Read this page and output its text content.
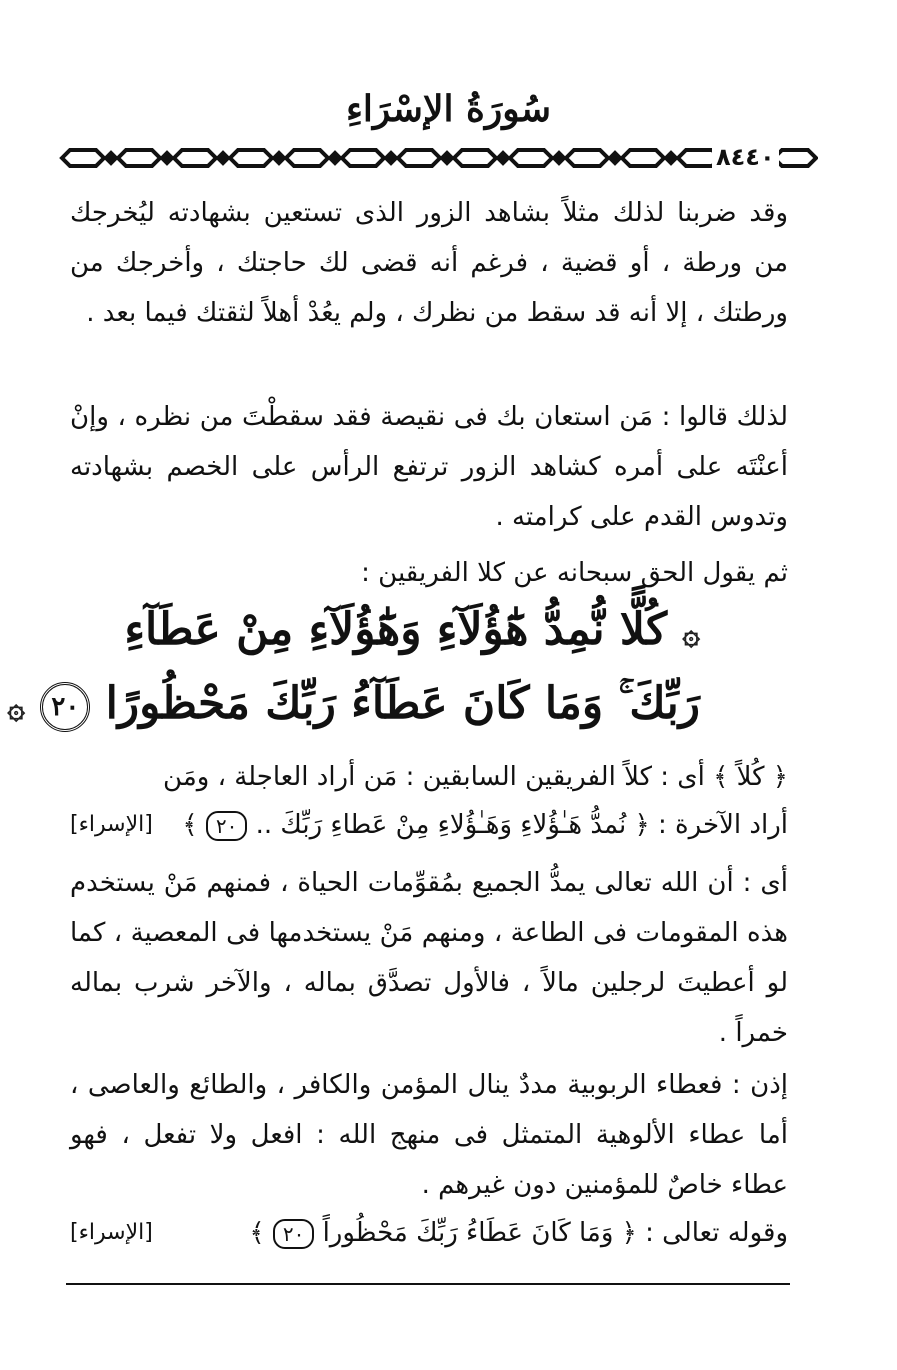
سُورَةُ الإسْرَاءِ
٨٤٤٠
وقد ضربنا لذلك مثلاً بشاهد الزور الذى تستعين بشهادته ليُخرجك من ورطة ، أو قضية ، فرغم أنه قضى لك حاجتك ، وأخرجك من ورطتك ، إلا أنه قد سقط من نظرك ، ولم يعُدْ أهلاً لثقتك فيما بعد .
لذلك قالوا : مَن استعان بك فى نقيصة فقد سقطْتَ من نظره ، وإنْ أعنْتَه على أمره كشاهد الزور ترتفع الرأس على الخصم بشهادته وتدوس القدم على كرامته .
ثم يقول الحق سبحانه عن كلا الفريقين :
۞ كُلًّا نُّمِدُّ هَٰٓؤُلَآءِ وَهَٰٓؤُلَآءِ مِنْ عَطَآءِ
رَبِّكَ ۚ وَمَا كَانَ عَطَآءُ رَبِّكَ مَحْظُورًا ٢٠ ۞
﴿ كُلاً ﴾ أى : كلاً الفريقين السابقين : مَن أراد العاجلة ، ومَن
أراد الآخرة : ﴿ نُمدُّ هَـٰؤُلاءِ وَهَـٰؤُلاءِ مِنْ عَطاءِ رَبِّكَ .. ٢٠ ﴾
[الإسراء]
أى : أن الله تعالى يمدُّ الجميع بمُقوِّمات الحياة ، فمنهم مَنْ يستخدم هذه المقومات فى الطاعة ، ومنهم مَنْ يستخدمها فى المعصية ، كما لو أعطيتَ لرجلين مالاً ، فالأول تصدَّق بماله ، والآخر شرب بماله خمراً .
إذن : فعطاء الربوبية مددٌ ينال المؤمن والكافر ، والطائع والعاصى ، أما عطاء الألوهية المتمثل فى منهج الله : افعل ولا تفعل ، فهو عطاء خاصٌ للمؤمنين دون غيرهم .
وقوله تعالى : ﴿ وَمَا كَانَ عَطَاءُ رَبِّكَ مَحْظُوراً ٢٠ ﴾
[الإسراء]
